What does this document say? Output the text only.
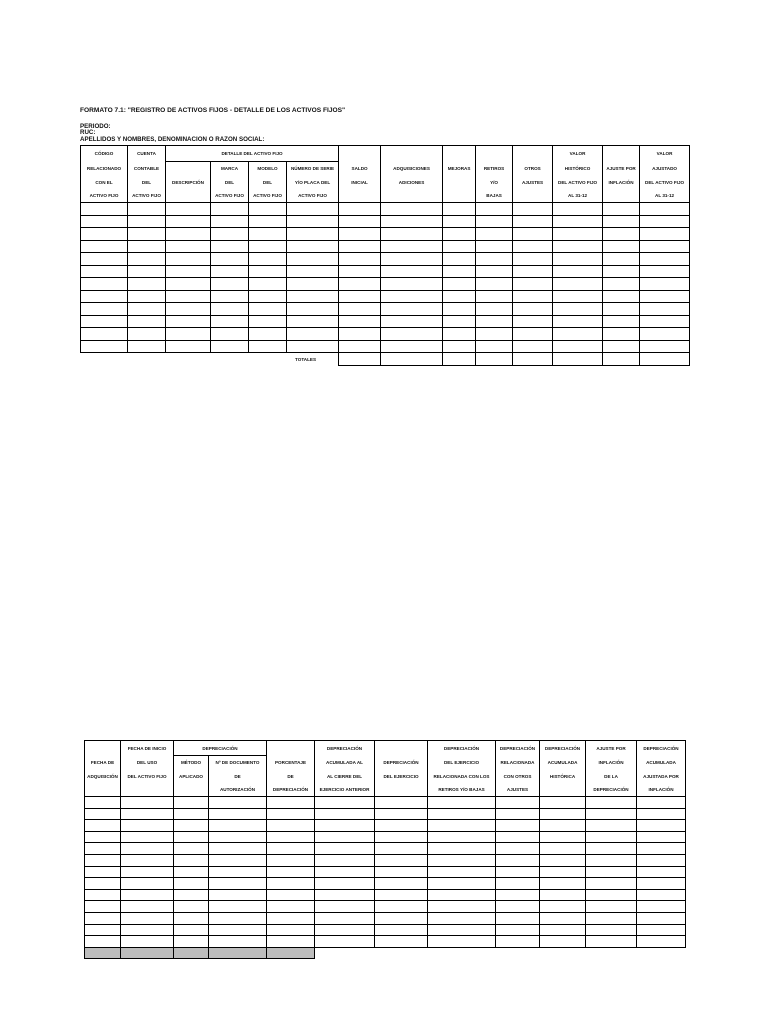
FORMATO 7.1: "REGISTRO DE ACTIVOS FIJOS - DETALLE DE LOS ACTIVOS FIJOS"
PERIODO:
RUC:
APELLIDOS Y NOMBRES, DENOMINACION O RAZON SOCIAL:
CÓDIGO	CUENTA	DETALLE DEL ACTIVO FIJO									VALOR		VALOR
RELACIONADO	CONTABLE		MARCA	MODELO	NÚMERO DE SERIE	SALDO	ADQUISICIONES	MEJORAS	RETIROS	OTROS	HISTÓRICO	AJUSTE POR	AJUSTADO
CON EL	DEL	DESCRIPCIÓN	DEL	DEL	Y/O PLACA DEL	INICIAL	ADICIONES		Y/O	AJUSTES	DEL ACTIVO FIJO	INFLACIÓN	DEL ACTIVO FIJO
ACTIVO FIJO	ACTIVO FIJO		ACTIVO FIJO	ACTIVO FIJO	ACTIVO FIJO				BAJAS		AL 31-12		AL 31-12

TOTALES													
	FECHA DE INICIO	DEPRECIACIÓN			DEPRECIACIÓN		DEPRECIACIÓN	DEPRECIACIÓN	DEPRECIACIÓN	AJUSTE POR	DEPRECIACIÓN
FECHA DE	DEL USO	MÉTODO	Nº DE DOCUMENTO	PORCENTAJE	ACUMULADA AL	DEPRECIACIÓN	DEL EJERCICIO	RELACIONADA	ACUMULADA	INFLACIÓN	ACUMULADA
ADQUISICIÓN	DEL ACTIVO FIJO	APLICADO	DE	DE	AL CIERRE DEL	DEL EJERCICIO	RELACIONADA CON LOS	CON OTROS	HISTÓRICA	DE LA	AJUSTADA POR
			AUTORIZACIÓN	DEPRECIACIÓN	EJERCICIO ANTERIOR		RETIROS Y/O BAJAS	AJUSTES		DEPRECIACIÓN	INFLACIÓN
